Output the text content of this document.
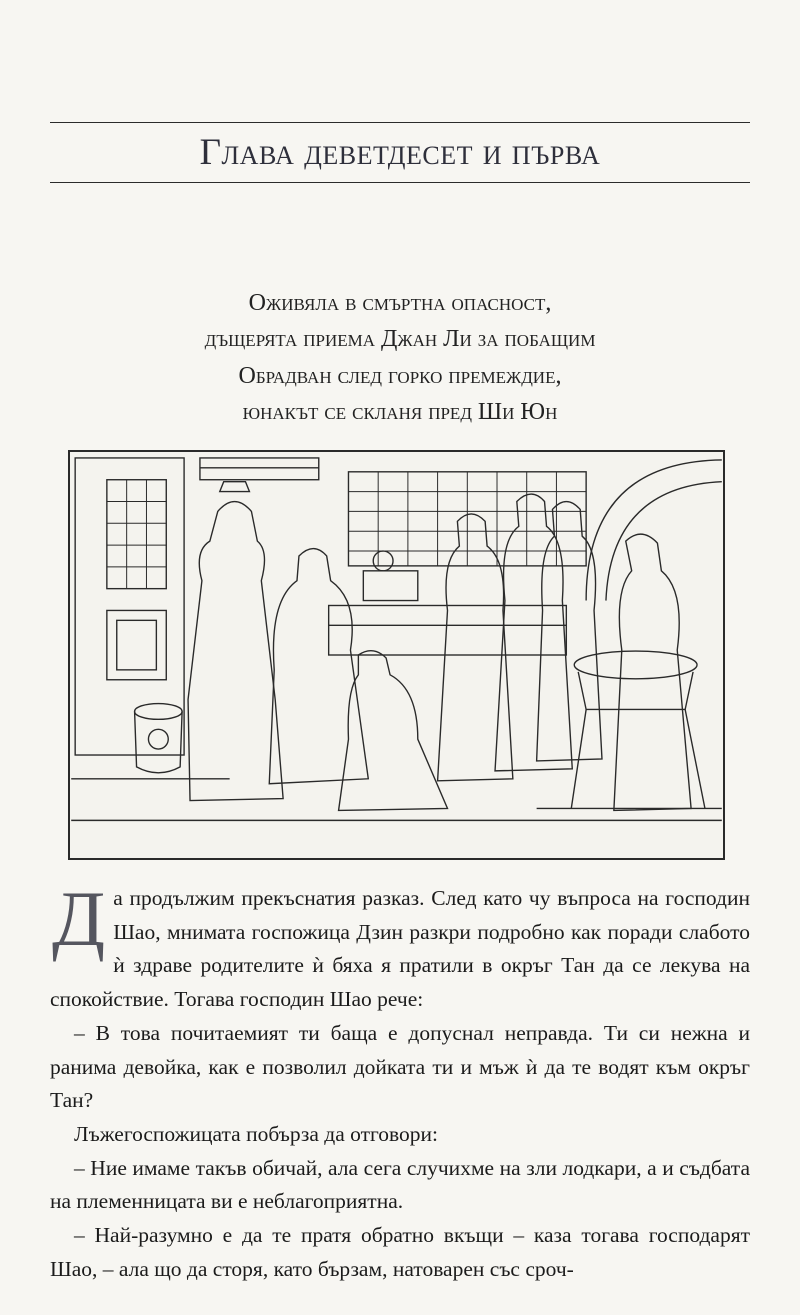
Глава деветдесет и първа
Оживяла в смъртна опасност,
дъщерята приема Джан Ли за побащим
Обрадван след горко премеждие,
юнакът се скланя пред Ши Юн

Да продължим прекъснатия разказ. След като чу въпроса на господин Шао, мнимата госпожица Дзин разкри подробно как поради слабото ѝ здраве родителите ѝ бяха я пратили в окръг Тан да се лекува на спокойствие. Тогава господин Шао рече:

– В това почитаемият ти баща е допуснал неправда. Ти си нежна и ранима девойка, как е позволил дойката ти и мъж ѝ да те водят към окръг Тан?

Лъжегоспожицата побърза да отговори:

– Ние имаме такъв обичай, ала сега случихме на зли лодкари, а и съдбата на племенницата ви е неблагоприятна.

– Най-разумно е да те пратя обратно вкъщи – каза тогава господарят Шао, – ала що да сторя, като бързам, натоварен със сроч-
